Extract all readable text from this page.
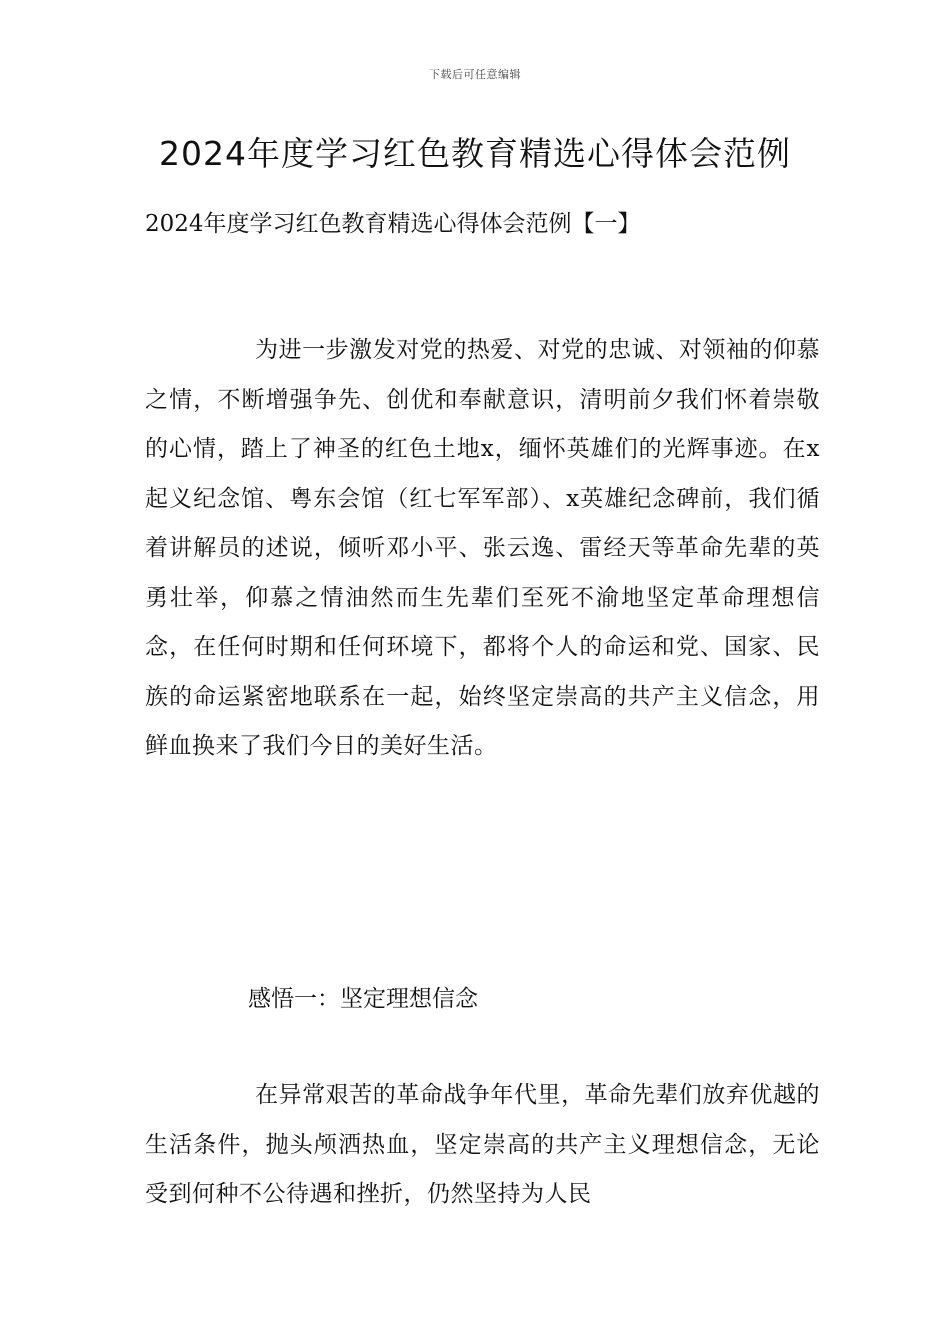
下载后可任意编辑
2024年度学习红色教育精选心得体会范例

2024年度学习红色教育精选心得体会范例【一】

为进一步激发对党的热爱、对党的忠诚、对领袖的仰慕之情，不断增强争先、创优和奉献意识，清明前夕我们怀着崇敬的心情，踏上了神圣的红色土地x，缅怀英雄们的光辉事迹。在x起义纪念馆、粤东会馆（红七军军部）、x英雄纪念碑前，我们循着讲解员的述说，倾听邓小平、张云逸、雷经天等革命先辈的英勇壮举，仰慕之情油然而生先辈们至死不渝地坚定革命理想信念，在任何时期和任何环境下，都将个人的命运和党、国家、民族的命运紧密地联系在一起，始终坚定崇高的共产主义信念，用鲜血换来了我们今日的美好生活。

感悟一：坚定理想信念

在异常艰苦的革命战争年代里，革命先辈们放弃优越的生活条件，抛头颅洒热血，坚定崇高的共产主义理想信念，无论受到何种不公待遇和挫折，仍然坚持为人民
